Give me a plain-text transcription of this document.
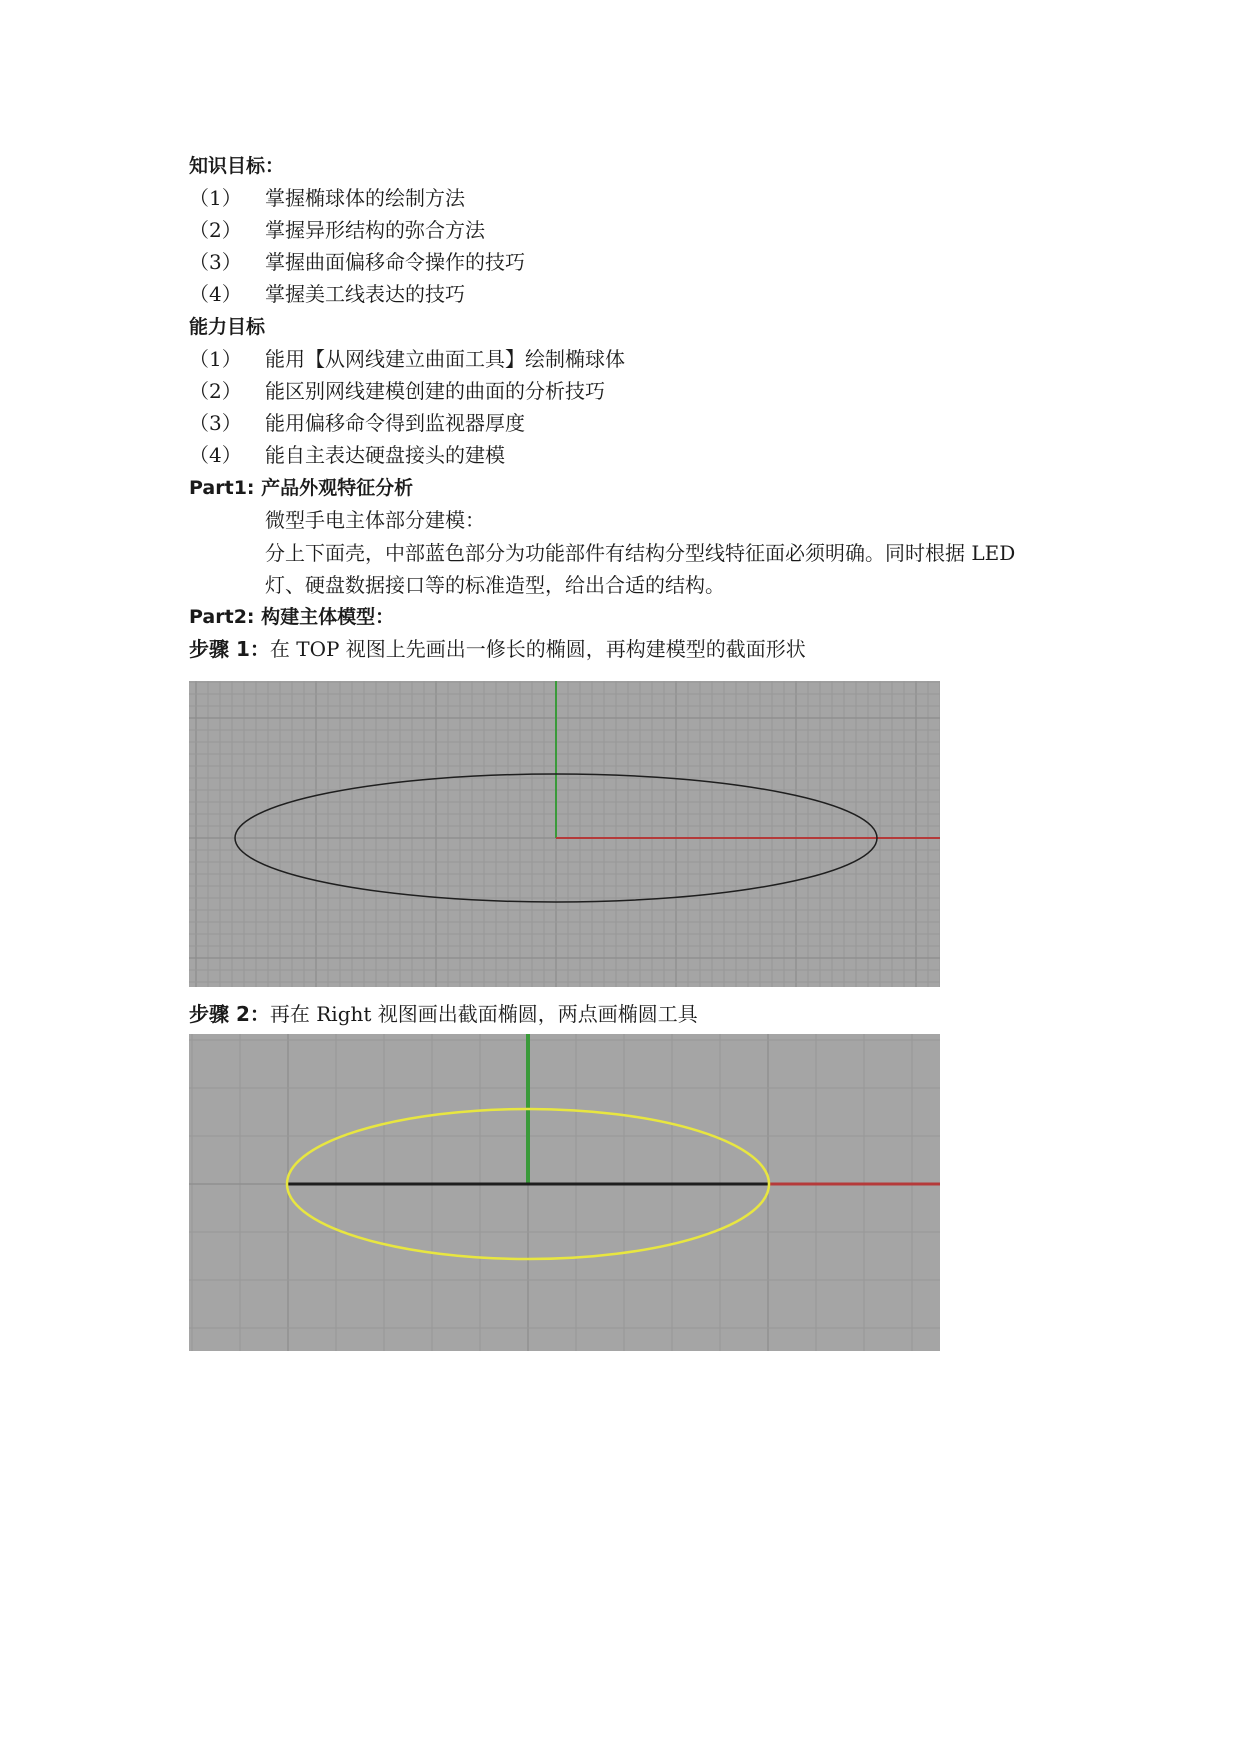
知识目标：
（1） 掌握椭球体的绘制方法
（2） 掌握异形结构的弥合方法
（3） 掌握曲面偏移命令操作的技巧
（4） 掌握美工线表达的技巧
能力目标
（1） 能用【从网线建立曲面工具】绘制椭球体
（2） 能区别网线建模创建的曲面的分析技巧
（3） 能用偏移命令得到监视器厚度
（4） 能自主表达硬盘接头的建模
Part1: 产品外观特征分析
微型手电主体部分建模：
分上下面壳，中部蓝色部分为功能部件有结构分型线特征面必须明确。同时根据 LED
灯、硬盘数据接口等的标准造型，给出合适的结构。
Part2: 构建主体模型：
步骤 1：在 TOP 视图上先画出一修长的椭圆，再构建模型的截面形状
步骤 2：再在 Right 视图画出截面椭圆，两点画椭圆工具
